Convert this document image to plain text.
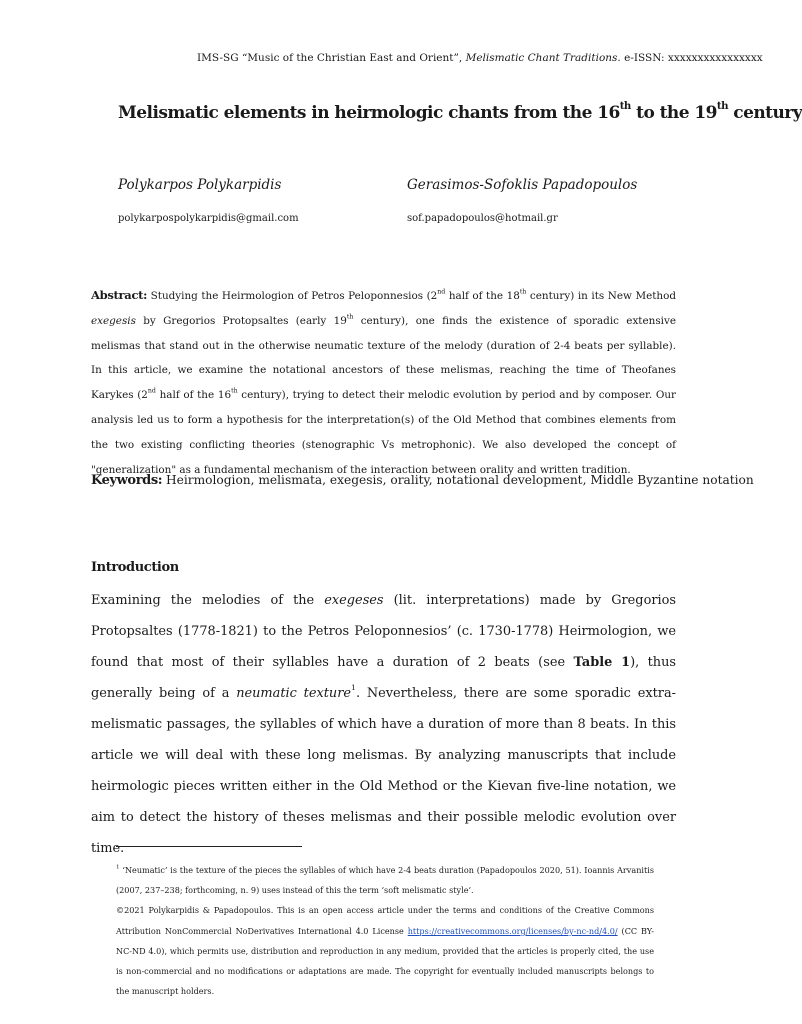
IMS-SG “Music of the Christian East and Orient”, Melismatic Chant Traditions. e-ISSN: xxxxxxxxxxxxxxxx
Melismatic elements in heirmologic chants from the 16th to the 19th century
Polykarpos Polykarpidis	Gerasimos-Sofoklis Papadopoulos
polykarpospolykarpidis@gmail.com	sof.papadopoulos@hotmail.gr
Abstract: Studying the Heirmologion of Petros Peloponnesios (2nd half of the 18th century) in its New Method exegesis by Gregorios Protopsaltes (early 19th century), one finds the existence of sporadic extensive melismas that stand out in the otherwise neumatic texture of the melody (duration of 2-4 beats per syllable). In this article, we examine the notational ancestors of these melismas, reaching the time of Theofanes Karykes (2nd half of the 16th century), trying to detect their melodic evolution by period and by composer. Our analysis led us to form a hypothesis for the interpretation(s) of the Old Method that combines elements from the two existing conflicting theories (stenographic Vs metrophonic). We also developed the concept of "generalization" as a fundamental mechanism of the interaction between orality and written tradition.
Keywords: Heirmologion, melismata, exegesis, orality, notational development, Middle Byzantine notation
Introduction
Examining the melodies of the exegeses (lit. interpretations) made by Gregorios Protopsaltes (1778-1821) to the Petros Peloponnesios’ (c. 1730-1778) Heirmologion, we found that most of their syllables have a duration of 2 beats (see Table 1), thus generally being of a neumatic texture$^1$. Nevertheless, there are some sporadic extra-melismatic passages, the syllables of which have a duration of more than 8 beats. In this article we will deal with these long melismas. By analyzing manuscripts that include heirmologic pieces written either in the Old Method or the Kievan five-line notation, we aim to detect the history of theses melismas and their possible melodic evolution over time.

$^1$ ‘Neumatic’ is the texture of the pieces the syllables of which have 2-4 beats duration (Papadopoulos 2020, 51). Ioannis Arvanitis (2007, 237–238; forthcoming, n. 9) uses instead of this the term ‘soft melismatic style’.

©2021 Polykarpidis & Papadopoulos. This is an open access article under the terms and conditions of the Creative Commons Attribution NonCommercial NoDerivatives International 4.0 License https://creativecommons.org/licenses/by-nc-nd/4.0/ (CC BY-NC-ND 4.0), which permits use, distribution and reproduction in any medium, provided that the articles is properly cited, the use is non-commercial and no modifications or adaptations are made. The copyright for eventually included manuscripts belongs to the manuscript holders.
